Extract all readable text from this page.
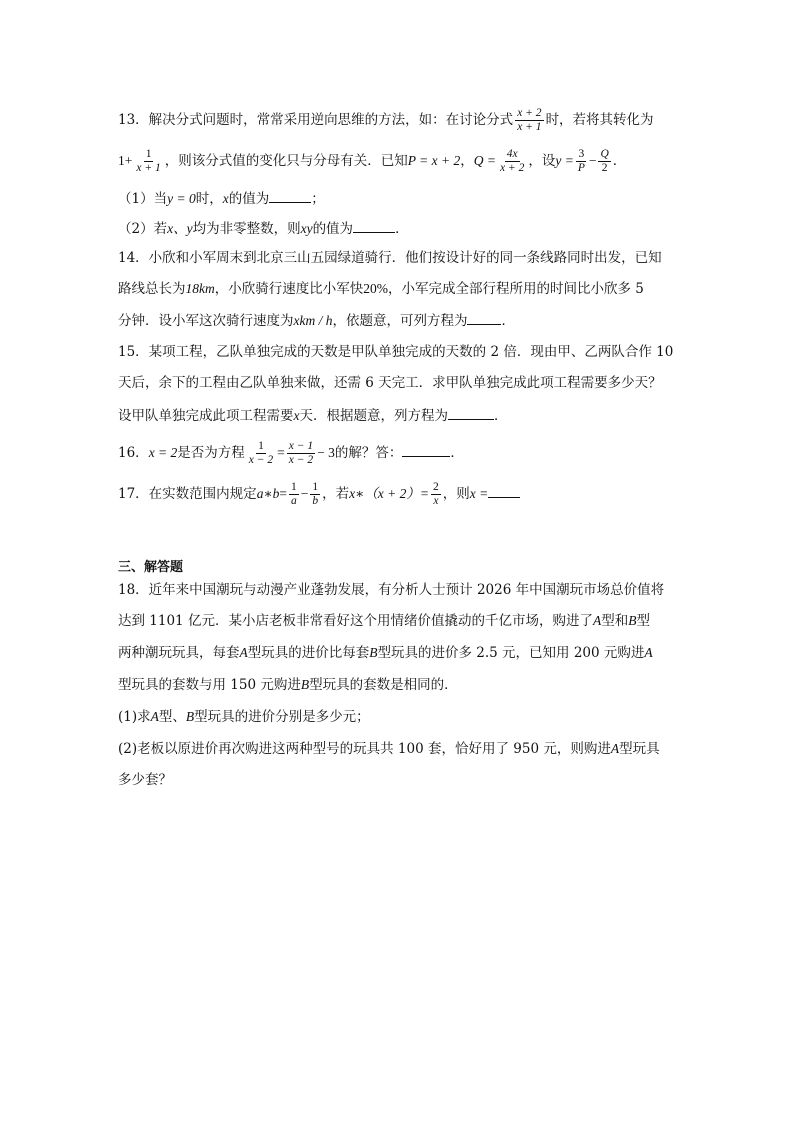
13．解决分式问题时，常常采用逆向思维的方法，如：在讨论分式 $\frac{x + 2}{x + 1}$ 时，若将其转化为
$1+ \frac{1}{x + 1}$ ，则该分式值的变化只与分母有关．已知P = x + 2，$Q = \frac{4x}{x + 2}$ ，设$y = \frac{3}{P} - \frac{Q}{2}$ ．
（1）当y = 0时，x的值为	；
（2）若x、y均为非零整数，则xy的值为	．
14．小欣和小军周末到北京三山五园绿道骑行．他们按设计好的同一条线路同时出发，已知
路线总长为18km，小欣骑行速度比小军快20%，小军完成全部行程所用的时间比小欣多 5
分钟．设小军这次骑行速度为xkm / h，依题意，可列方程为	．
15．某项工程，乙队单独完成的天数是甲队单独完成的天数的 2 倍．现由甲、乙两队合作 10
天后，余下的工程由乙队单独来做，还需 6 天完工．求甲队单独完成此项工程需要多少天？
设甲队单独完成此项工程需要x天．根据题意，列方程为	．
16．x = 2是否为方程 $\frac{1}{x - 2} = \frac{x - 1}{x - 2} - 3$的解？答：	．
17．在实数范围内规定a∗b= $\frac{1}{a} - \frac{1}{b}$ ，若x∗（x + $2)= \frac{2}{x}$ ，则x =
三、解答题
18．近年来中国潮玩与动漫产业蓬勃发展，有分析人士预计 2026 年中国潮玩市场总价值将
达到 1101 亿元．某小店老板非常看好这个用情绪价值撬动的千亿市场，购进了A型和B型
两种潮玩玩具，每套A型玩具的进价比每套B型玩具的进价多 2.5 元，已知用 200 元购进A
型玩具的套数与用 150 元购进B型玩具的套数是相同的．
(1)求A型、B型玩具的进价分别是多少元；
(2)老板以原进价再次购进这两种型号的玩具共 100 套，恰好用了 950 元，则购进A型玩具
多少套？
